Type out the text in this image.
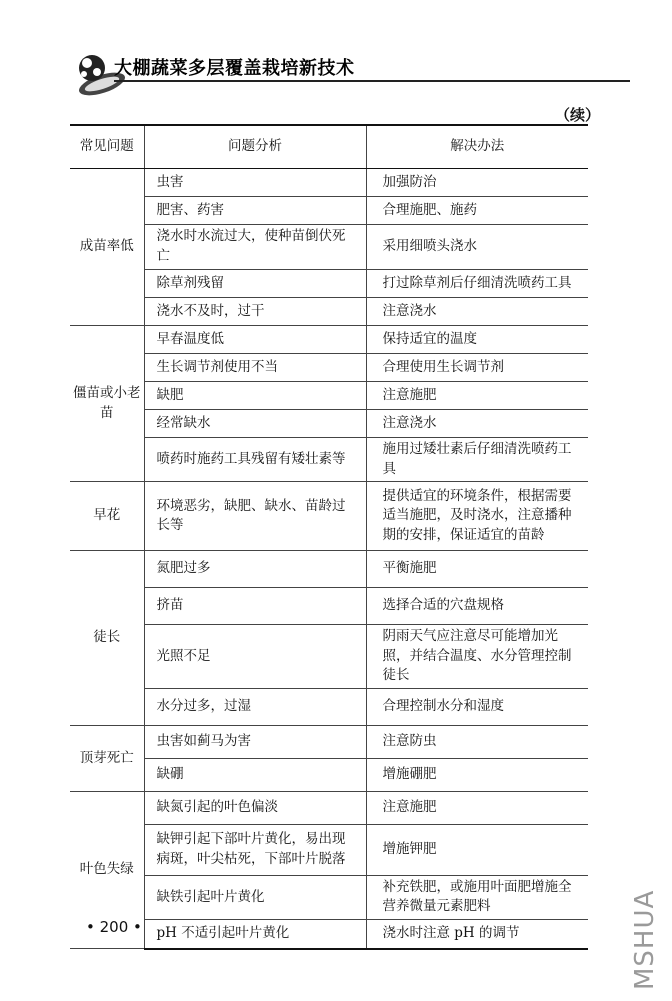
大棚蔬菜多层覆盖栽培新技术
（续）
常见问题	问题分析	解决办法
成苗率低	虫害	加强防治
	肥害、药害	合理施肥、施药
	浇水时水流过大，使种苗倒伏死亡	采用细喷头浇水
	除草剂残留	打过除草剂后仔细清洗喷药工具
	浇水不及时，过干	注意浇水
僵苗或小老苗	早春温度低	保持适宜的温度
	生长调节剂使用不当	合理使用生长调节剂
	缺肥	注意施肥
	经常缺水	注意浇水
	喷药时施药工具残留有矮壮素等	施用过矮壮素后仔细清洗喷药工具
早花	环境恶劣，缺肥、缺水、苗龄过长等	提供适宜的环境条件，根据需要适当施肥，及时浇水，注意播种期的安排，保证适宜的苗龄
徒长	氮肥过多	平衡施肥
	挤苗	选择合适的穴盘规格
	光照不足	阴雨天气应注意尽可能增加光照，并结合温度、水分管理控制徒长
	水分过多，过湿	合理控制水分和湿度
顶芽死亡	虫害如蓟马为害	注意防虫
	缺硼	增施硼肥
叶色失绿	缺氮引起的叶色偏淡	注意施肥
	缺钾引起下部叶片黄化，易出现病斑，叶尖枯死，下部叶片脱落	增施钾肥
	缺铁引起叶片黄化	补充铁肥，或施用叶面肥增施全营养微量元素肥料
	pH 不适引起叶片黄化	浇水时注意 pH 的调节
• 200 •	MSHUA
